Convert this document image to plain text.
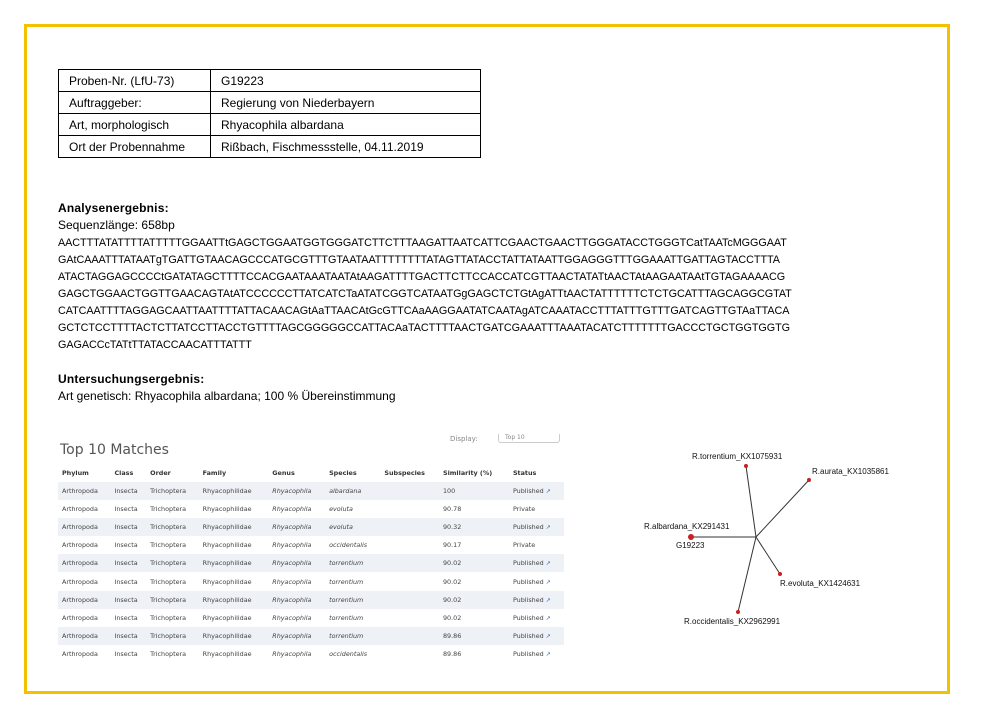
Proben-Nr. (LfU-73)	G19223
Auftraggeber:	Regierung von Niederbayern
Art, morphologisch	Rhyacophila albardana
Ort der Probennahme	Rißbach, Fischmessstelle, 04.11.2019
Analysenergebnis:
Sequenzlänge: 658bp
AACTTTATATTTTATTTTTGGAATTtGAGCTGGAATGGTGGGATCTTCTTTAAGATTAATCATTCGAACTGAACTTGGGATACCTGGGTCatTAATcMGGGAAT
GAtCAAATTTATAATgTGATTGTAACAGCCCATGCGTTTGTAATAATTTTTTTTATAGTTATACCTATTATAATTGGAGGGTTTGGAAATTGATTAGTACCTTTA
ATACTAGGAGCCCCtGATATAGCTTTTCCACGAATAAATAATAtAAGATTTTGACTTCTTCCACCATCGTTAACTATATtAACTAtAAGAATAAtTGTAGAAAACG
GAGCTGGAACTGGTTGAACAGTAtATCCCCCCTTATCATCTaATATCGGTCATAATGgGAGCTCTGtAgATTtAACTATTTTTTCTCTGCATTTAGCAGGCGTAT
CATCAATTTTAGGAGCAATTAATTTTATTACAACAGtAaTTAACAtGcGTTCAaAAGGAATATCAATAgATCAAATACCTTTATTTGTTTGATCAGTTGTAaTTACA
GCTCTCCTTTTACTCTTATCCTTACCTGTTTTAGCGGGGGCCATTACAaTACTTTTAACTGATCGAAATTTAAATACATCTTTTTTTGACCCTGCTGGTGGTG
GAGACCcTATtTTATACCAACATTTATTT
Untersuchungsergebnis:
Art genetisch: Rhyacophila albardana; 100 % Übereinstimmung
Display:	Top 10
Top 10 Matches
Phylum	Class	Order	Family	Genus	Species	Subspecies	Similarity (%)	Status
Arthropoda	Insecta	Trichoptera	Rhyacophilidae	Rhyacophila	albardana		100	Published ↗
Arthropoda	Insecta	Trichoptera	Rhyacophilidae	Rhyacophila	evoluta		90.78	Private
Arthropoda	Insecta	Trichoptera	Rhyacophilidae	Rhyacophila	evoluta		90.32	Published ↗
Arthropoda	Insecta	Trichoptera	Rhyacophilidae	Rhyacophila	occidentalis		90.17	Private
Arthropoda	Insecta	Trichoptera	Rhyacophilidae	Rhyacophila	torrentium		90.02	Published ↗
Arthropoda	Insecta	Trichoptera	Rhyacophilidae	Rhyacophila	torrentium		90.02	Published ↗
Arthropoda	Insecta	Trichoptera	Rhyacophilidae	Rhyacophila	torrentium		90.02	Published ↗
Arthropoda	Insecta	Trichoptera	Rhyacophilidae	Rhyacophila	torrentium		90.02	Published ↗
Arthropoda	Insecta	Trichoptera	Rhyacophilidae	Rhyacophila	torrentium		89.86	Published ↗
Arthropoda	Insecta	Trichoptera	Rhyacophilidae	Rhyacophila	occidentalis		89.86	Published ↗
R.torrentium_KX1075931
R.aurata_KX1035861
R.albardana_KX291431
G19223
R.evoluta_KX1424631
R.occidentalis_KX2962991
